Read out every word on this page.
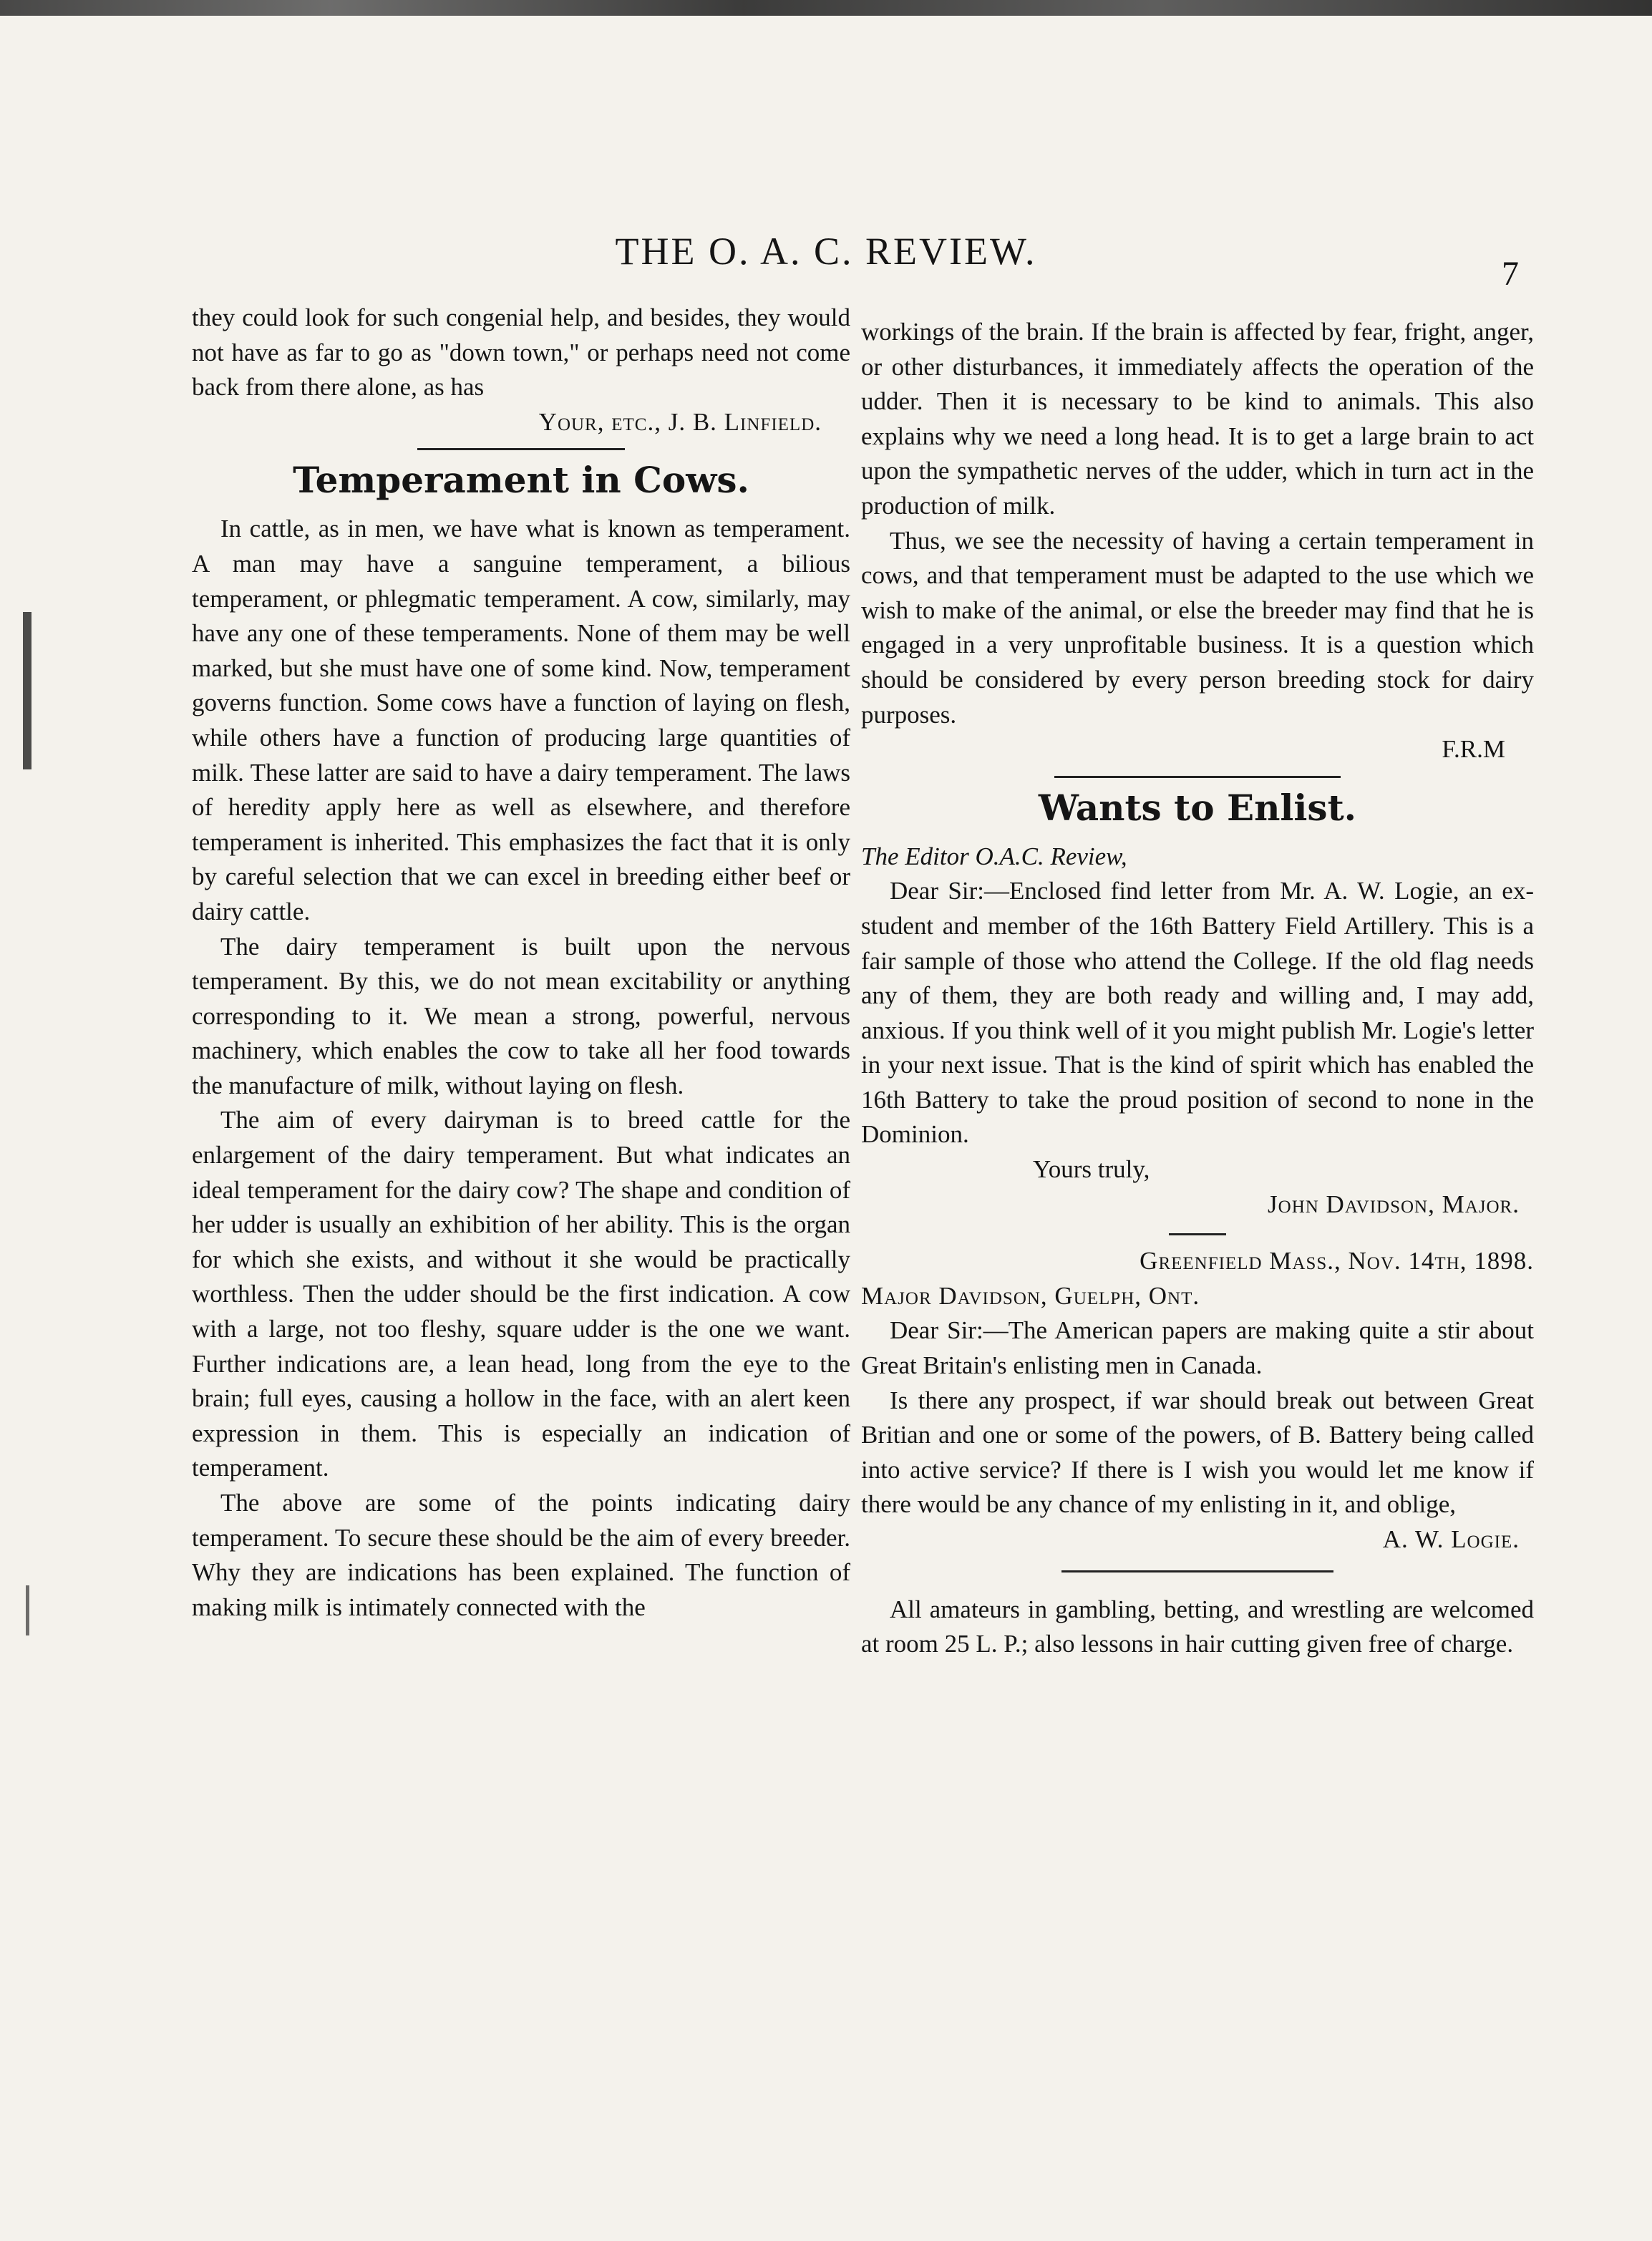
THE O. A. C. REVIEW.
7

they could look for such congenial help, and besides, they would not have as far to go as "down town," or perhaps need not come back from there alone, as has

Your, etc., J. B. Linfield.
Temperament in Cows.

In cattle, as in men, we have what is known as temperament. A man may have a sanguine temperament, a bilious temperament, or phlegmatic temperament. A cow, similarly, may have any one of these temperaments. None of them may be well marked, but she must have one of some kind. Now, temperament governs function. Some cows have a function of laying on flesh, while others have a function of producing large quantities of milk. These latter are said to have a dairy temperament. The laws of heredity apply here as well as elsewhere, and therefore temperament is inherited. This emphasizes the fact that it is only by careful selection that we can excel in breeding either beef or dairy cattle.

The dairy temperament is built upon the nervous temperament. By this, we do not mean excitability or anything corresponding to it. We mean a strong, powerful, nervous machinery, which enables the cow to take all her food towards the manufacture of milk, without laying on flesh.

The aim of every dairyman is to breed cattle for the enlargement of the dairy temperament. But what indicates an ideal temperament for the dairy cow? The shape and condition of her udder is usually an exhibition of her ability. This is the organ for which she exists, and without it she would be practically worthless. Then the udder should be the first indication. A cow with a large, not too fleshy, square udder is the one we want. Further indications are, a lean head, long from the eye to the brain; full eyes, causing a hollow in the face, with an alert keen expression in them. This is especially an indication of temperament.

The above are some of the points indicating dairy temperament. To secure these should be the aim of every breeder. Why they are indications has been explained. The function of making milk is intimately connected with the

workings of the brain. If the brain is affected by fear, fright, anger, or other disturbances, it immediately affects the operation of the udder. Then it is necessary to be kind to animals. This also explains why we need a long head. It is to get a large brain to act upon the sympathetic nerves of the udder, which in turn act in the production of milk.

Thus, we see the necessity of having a certain temperament in cows, and that temperament must be adapted to the use which we wish to make of the animal, or else the breeder may find that he is engaged in a very unprofitable business. It is a question which should be considered by every person breeding stock for dairy purposes.

F.R.M
Wants to Enlist.

The Editor O.A.C. Review,

Dear Sir:—Enclosed find letter from Mr. A. W. Logie, an ex-student and member of the 16th Battery Field Artillery. This is a fair sample of those who attend the College. If the old flag needs any of them, they are both ready and willing and, I may add, anxious. If you think well of it you might publish Mr. Logie's letter in your next issue. That is the kind of spirit which has enabled the 16th Battery to take the proud position of second to none in the Dominion.

Yours truly,

John Davidson, Major.
Greenfield Mass., Nov. 14th, 1898.

Major Davidson, Guelph, Ont.

Dear Sir:—The American papers are making quite a stir about Great Britain's enlisting men in Canada.

Is there any prospect, if war should break out between Great Britian and one or some of the powers, of B. Battery being called into active service? If there is I wish you would let me know if there would be any chance of my enlisting in it, and oblige,

A. W. Logie.

All amateurs in gambling, betting, and wrestling are welcomed at room 25 L. P.; also lessons in hair cutting given free of charge.
